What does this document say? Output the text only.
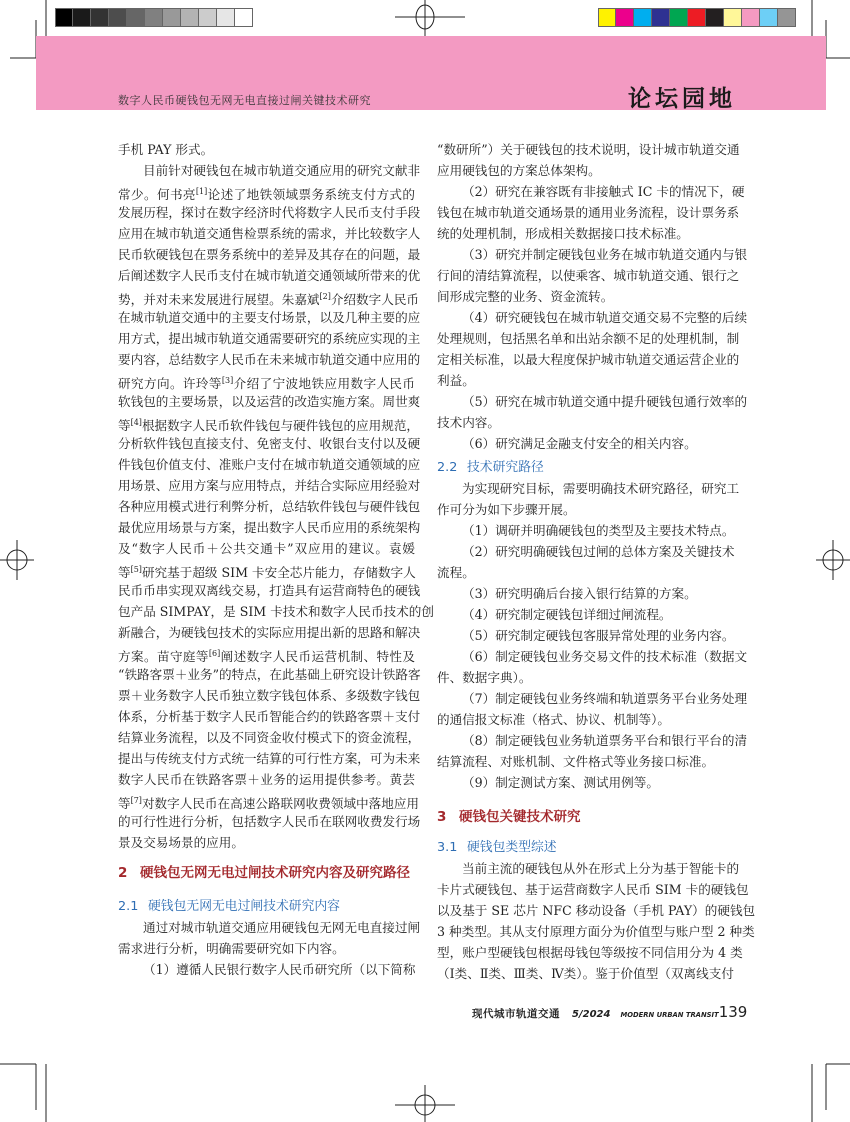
数字人民币硬钱包无网无电直接过闸关键技术研究	论坛园地
手机 PAY 形式。
目前针对硬钱包在城市轨道交通应用的研究文献非
常少。何书亮[1]论述了地铁领域票务系统支付方式的
发展历程，探讨在数字经济时代将数字人民币支付手段
应用在城市轨道交通售检票系统的需求，并比较数字人
民币软硬钱包在票务系统中的差异及其存在的问题，最
后阐述数字人民币支付在城市轨道交通领域所带来的优
势，并对未来发展进行展望。朱嘉斌[2]介绍数字人民币
在城市轨道交通中的主要支付场景，以及几种主要的应
用方式，提出城市轨道交通需要研究的系统应实现的主
要内容，总结数字人民币在未来城市轨道交通中应用的
研究方向。许玲等[3]介绍了宁波地铁应用数字人民币
软钱包的主要场景，以及运营的改造实施方案。周世爽
等[4]根据数字人民币软件钱包与硬件钱包的应用规范，
分析软件钱包直接支付、免密支付、收银台支付以及硬
件钱包价值支付、准账户支付在城市轨道交通领域的应
用场景、应用方案与应用特点，并结合实际应用经验对
各种应用模式进行利弊分析，总结软件钱包与硬件钱包
最优应用场景与方案，提出数字人民币应用的系统架构
及“数字人民币＋公共交通卡”双应用的建议。袁媛
等[5]研究基于超级 SIM 卡安全芯片能力，存储数字人
民币币串实现双离线交易，打造具有运营商特色的硬钱
包产品 SIMPAY，是 SIM 卡技术和数字人民币技术的创
新融合，为硬钱包技术的实际应用提出新的思路和解决
方案。苗守庭等[6]阐述数字人民币运营机制、特性及
“铁路客票＋业务”的特点，在此基础上研究设计铁路客
票＋业务数字人民币独立数字钱包体系、多级数字钱包
体系，分析基于数字人民币智能合约的铁路客票＋支付
结算业务流程，以及不同资金收付模式下的资金流程，
提出与传统支付方式统一结算的可行性方案，可为未来
数字人民币在铁路客票＋业务的运用提供参考。黄芸
等[7]对数字人民币在高速公路联网收费领域中落地应用
的可行性进行分析，包括数字人民币在联网收费发行场
景及交易场景的应用。
2 硬钱包无网无电过闸技术研究内容及研究路径
2.1 硬钱包无网无电过闸技术研究内容
通过对城市轨道交通应用硬钱包无网无电直接过闸
需求进行分析，明确需要研究如下内容。
（1）遵循人民银行数字人民币研究所（以下简称
“数研所”）关于硬钱包的技术说明，设计城市轨道交通
应用硬钱包的方案总体架构。
（2）研究在兼容既有非接触式 IC 卡的情况下，硬
钱包在城市轨道交通场景的通用业务流程，设计票务系
统的处理机制，形成相关数据接口技术标准。
（3）研究并制定硬钱包业务在城市轨道交通内与银
行间的清结算流程，以使乘客、城市轨道交通、银行之
间形成完整的业务、资金流转。
（4）研究硬钱包在城市轨道交通交易不完整的后续
处理规则，包括黑名单和出站余额不足的处理机制，制
定相关标准，以最大程度保护城市轨道交通运营企业的
利益。
（5）研究在城市轨道交通中提升硬钱包通行效率的
技术内容。
（6）研究满足金融支付安全的相关内容。
2.2 技术研究路径
为实现研究目标，需要明确技术研究路径，研究工
作可分为如下步骤开展。
（1）调研并明确硬钱包的类型及主要技术特点。
（2）研究明确硬钱包过闸的总体方案及关键技术
流程。
（3）研究明确后台接入银行结算的方案。
（4）研究制定硬钱包详细过闸流程。
（5）研究制定硬钱包客服异常处理的业务内容。
（6）制定硬钱包业务交易文件的技术标准（数据文
件、数据字典）。
（7）制定硬钱包业务终端和轨道票务平台业务处理
的通信报文标准（格式、协议、机制等）。
（8）制定硬钱包业务轨道票务平台和银行平台的清
结算流程、对账机制、文件格式等业务接口标准。
（9）制定测试方案、测试用例等。
3 硬钱包关键技术研究
3.1 硬钱包类型综述
当前主流的硬钱包从外在形式上分为基于智能卡的
卡片式硬钱包、基于运营商数字人民币 SIM 卡的硬钱包
以及基于 SE 芯片 NFC 移动设备（手机 PAY）的硬钱包
3 种类型。其从支付原理方面分为价值型与账户型 2 种类
型，账户型硬钱包根据母钱包等级按不同信用分为 4 类
（Ⅰ类、Ⅱ类、Ⅲ类、Ⅳ类）。鉴于价值型（双离线支付
现代城市轨道交通 5/2024 MODERN URBAN TRANSIT 139
